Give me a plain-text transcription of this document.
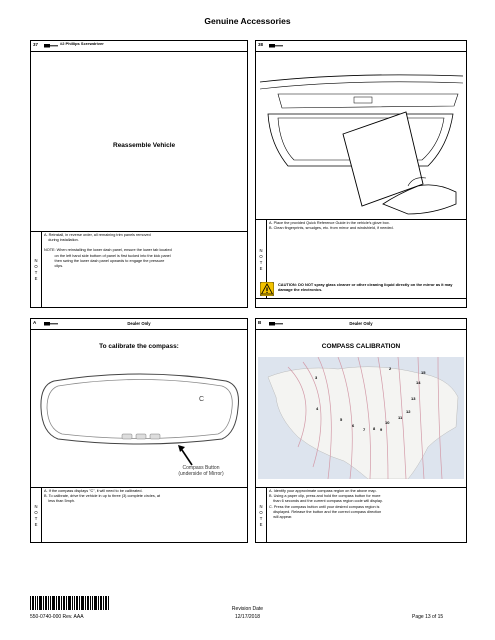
Genuine Accessories
37	#2 Phillips Screwdriver
Reassemble Vehicle
N
O
T
E
A. Reinstall, in reverse order, all remaining trim panels removed
during installation.
NOTE: When reinstalling the lower dash panel, ensure the lower tab located
on the left hand side bottom of panel is first tucked into the kick panel
then swing the lower dash panel upwards to engage the pressure
clips.
38
N
O
T
E
A. Place the provided Quick Reference Guide in the vehicle's glove box.
B. Clean fingerprints, smudges, etc. from mirror and windshield, if needed.
CAUTION: DO NOT spray glass cleaner or other cleaning liquid directly on the mirror as it may damage the electronics.
A	Dealer Only
To calibrate the compass:
C
Compass Button
(underside of Mirror)
N
O
T
E
A. If the compass displays "C", it will need to be calibrated.
B. To calibrate, drive the vehicle in up to three (3) complete circles, at
less than 5mph.
B	Dealer Only
COMPASS CALIBRATION
2
3
4
5
6
7 8 9
10
11
12
13
14
15
N
O
T
E
A. Identify your approximate compass region on the above map.
B. Using a paper clip, press and hold the compass button for more
than 6 seconds and the current compass region code will display.
C. Press the compass button until your desired compass region is
displayed. Release the button and the correct compass direction
will appear.
550-0740-000 Rev. AAA
Revision Date
12/17/2018	Page 13 of 15
